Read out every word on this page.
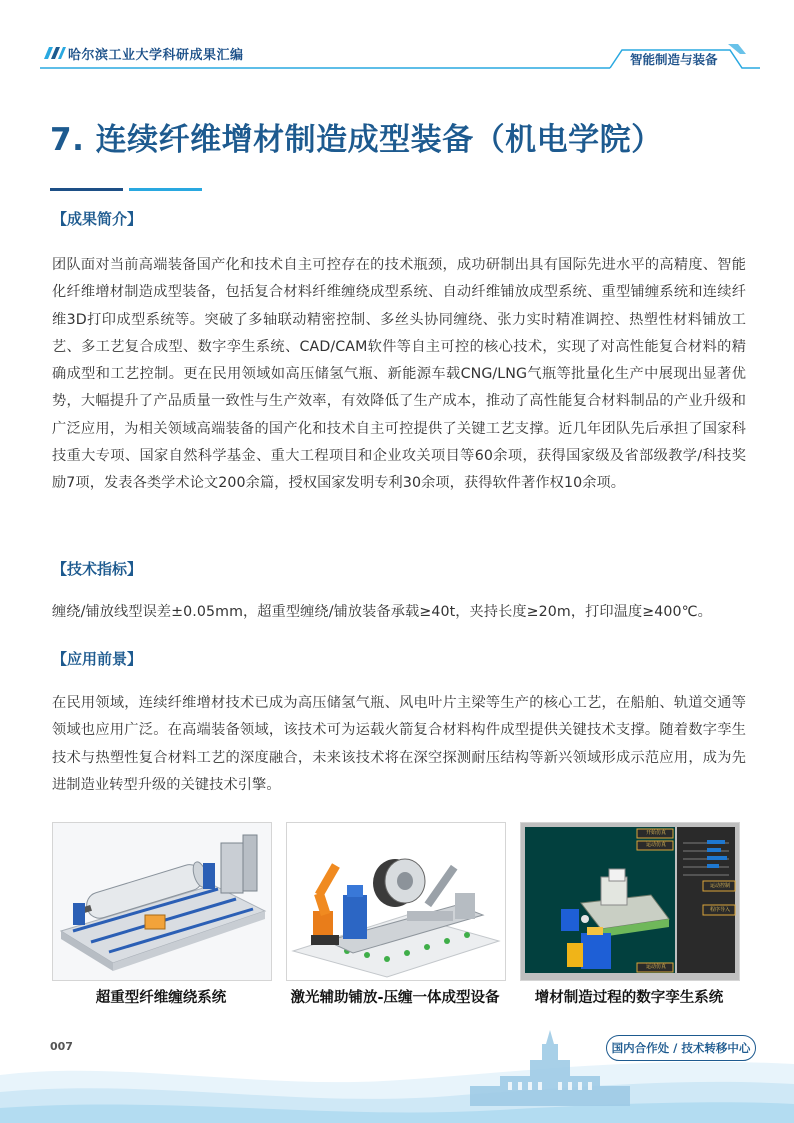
哈尔滨工业大学科研成果汇编	智能制造与装备
7. 连续纤维增材制造成型装备（机电学院）
【成果简介】
团队面对当前高端装备国产化和技术自主可控存在的技术瓶颈，成功研制出具有国际先进水平的高精度、智能化纤维增材制造成型装备，包括复合材料纤维缠绕成型系统、自动纤维铺放成型系统、重型铺缠系统和连续纤维3D打印成型系统等。突破了多轴联动精密控制、多丝头协同缠绕、张力实时精准调控、热塑性材料铺放工艺、多工艺复合成型、数字孪生系统、CAD/CAM软件等自主可控的核心技术，实现了对高性能复合材料的精确成型和工艺控制。更在民用领域如高压储氢气瓶、新能源车载CNG/LNG气瓶等批量化生产中展现出显著优势，大幅提升了产品质量一致性与生产效率，有效降低了生产成本，推动了高性能复合材料制品的产业升级和广泛应用，为相关领域高端装备的国产化和技术自主可控提供了关键工艺支撑。近几年团队先后承担了国家科技重大专项、国家自然科学基金、重大工程项目和企业攻关项目等60余项，获得国家级及省部级教学/科技奖励7项，发表各类学术论文200余篇，授权国家发明专利30余项，获得软件著作权10余项。
【技术指标】
缠绕/铺放线型误差±0.05mm，超重型缠绕/铺放装备承载≥40t，夹持长度≥20m，打印温度≥400℃。
【应用前景】
在民用领域，连续纤维增材技术已成为高压储氢气瓶、风电叶片主梁等生产的核心工艺，在船舶、轨道交通等领域也应用广泛。在高端装备领域，该技术可为运载火箭复合材料构件成型提供关键技术支撑。随着数字孪生技术与热塑性复合材料工艺的深度融合，未来该技术将在深空探测耐压结构等新兴领域形成示范应用，成为先进制造业转型升级的关键技术引擎。
超重型纤维缠绕系统	激光辅助铺放-压缠一体成型设备
开始仿真
运动仿真
运动控制
程序导入
运动仿真
增材制造过程的数字孪生系统
007	国内合作处 / 技术转移中心
